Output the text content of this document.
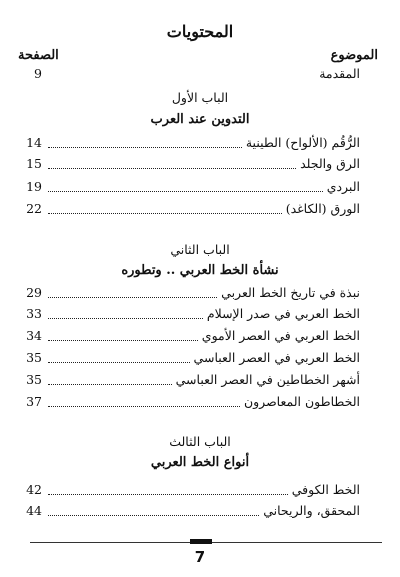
المحتويات
الموضوع
الصفحة
المقدمة
9
الباب الأول
التدوين عند العرب
الرُّقُم (الألواح) الطينية
14
الرق والجلد
15
البردي
19
الورق (الكاغد)
22
الباب الثاني
نشأة الخط العربي .. وتطوره
نبذة في تاريخ الخط العربي
29
الخط العربي في صدر الإسلام
33
الخط العربي في العصر الأموي
34
الخط العربي في العصر العباسي
35
أشهر الخطاطين في العصر العباسي
35
الخطاطون المعاصرون
37
الباب الثالث
أنواع الخط العربي
الخط الكوفي
42
المحقق، والريحاني
44
7
